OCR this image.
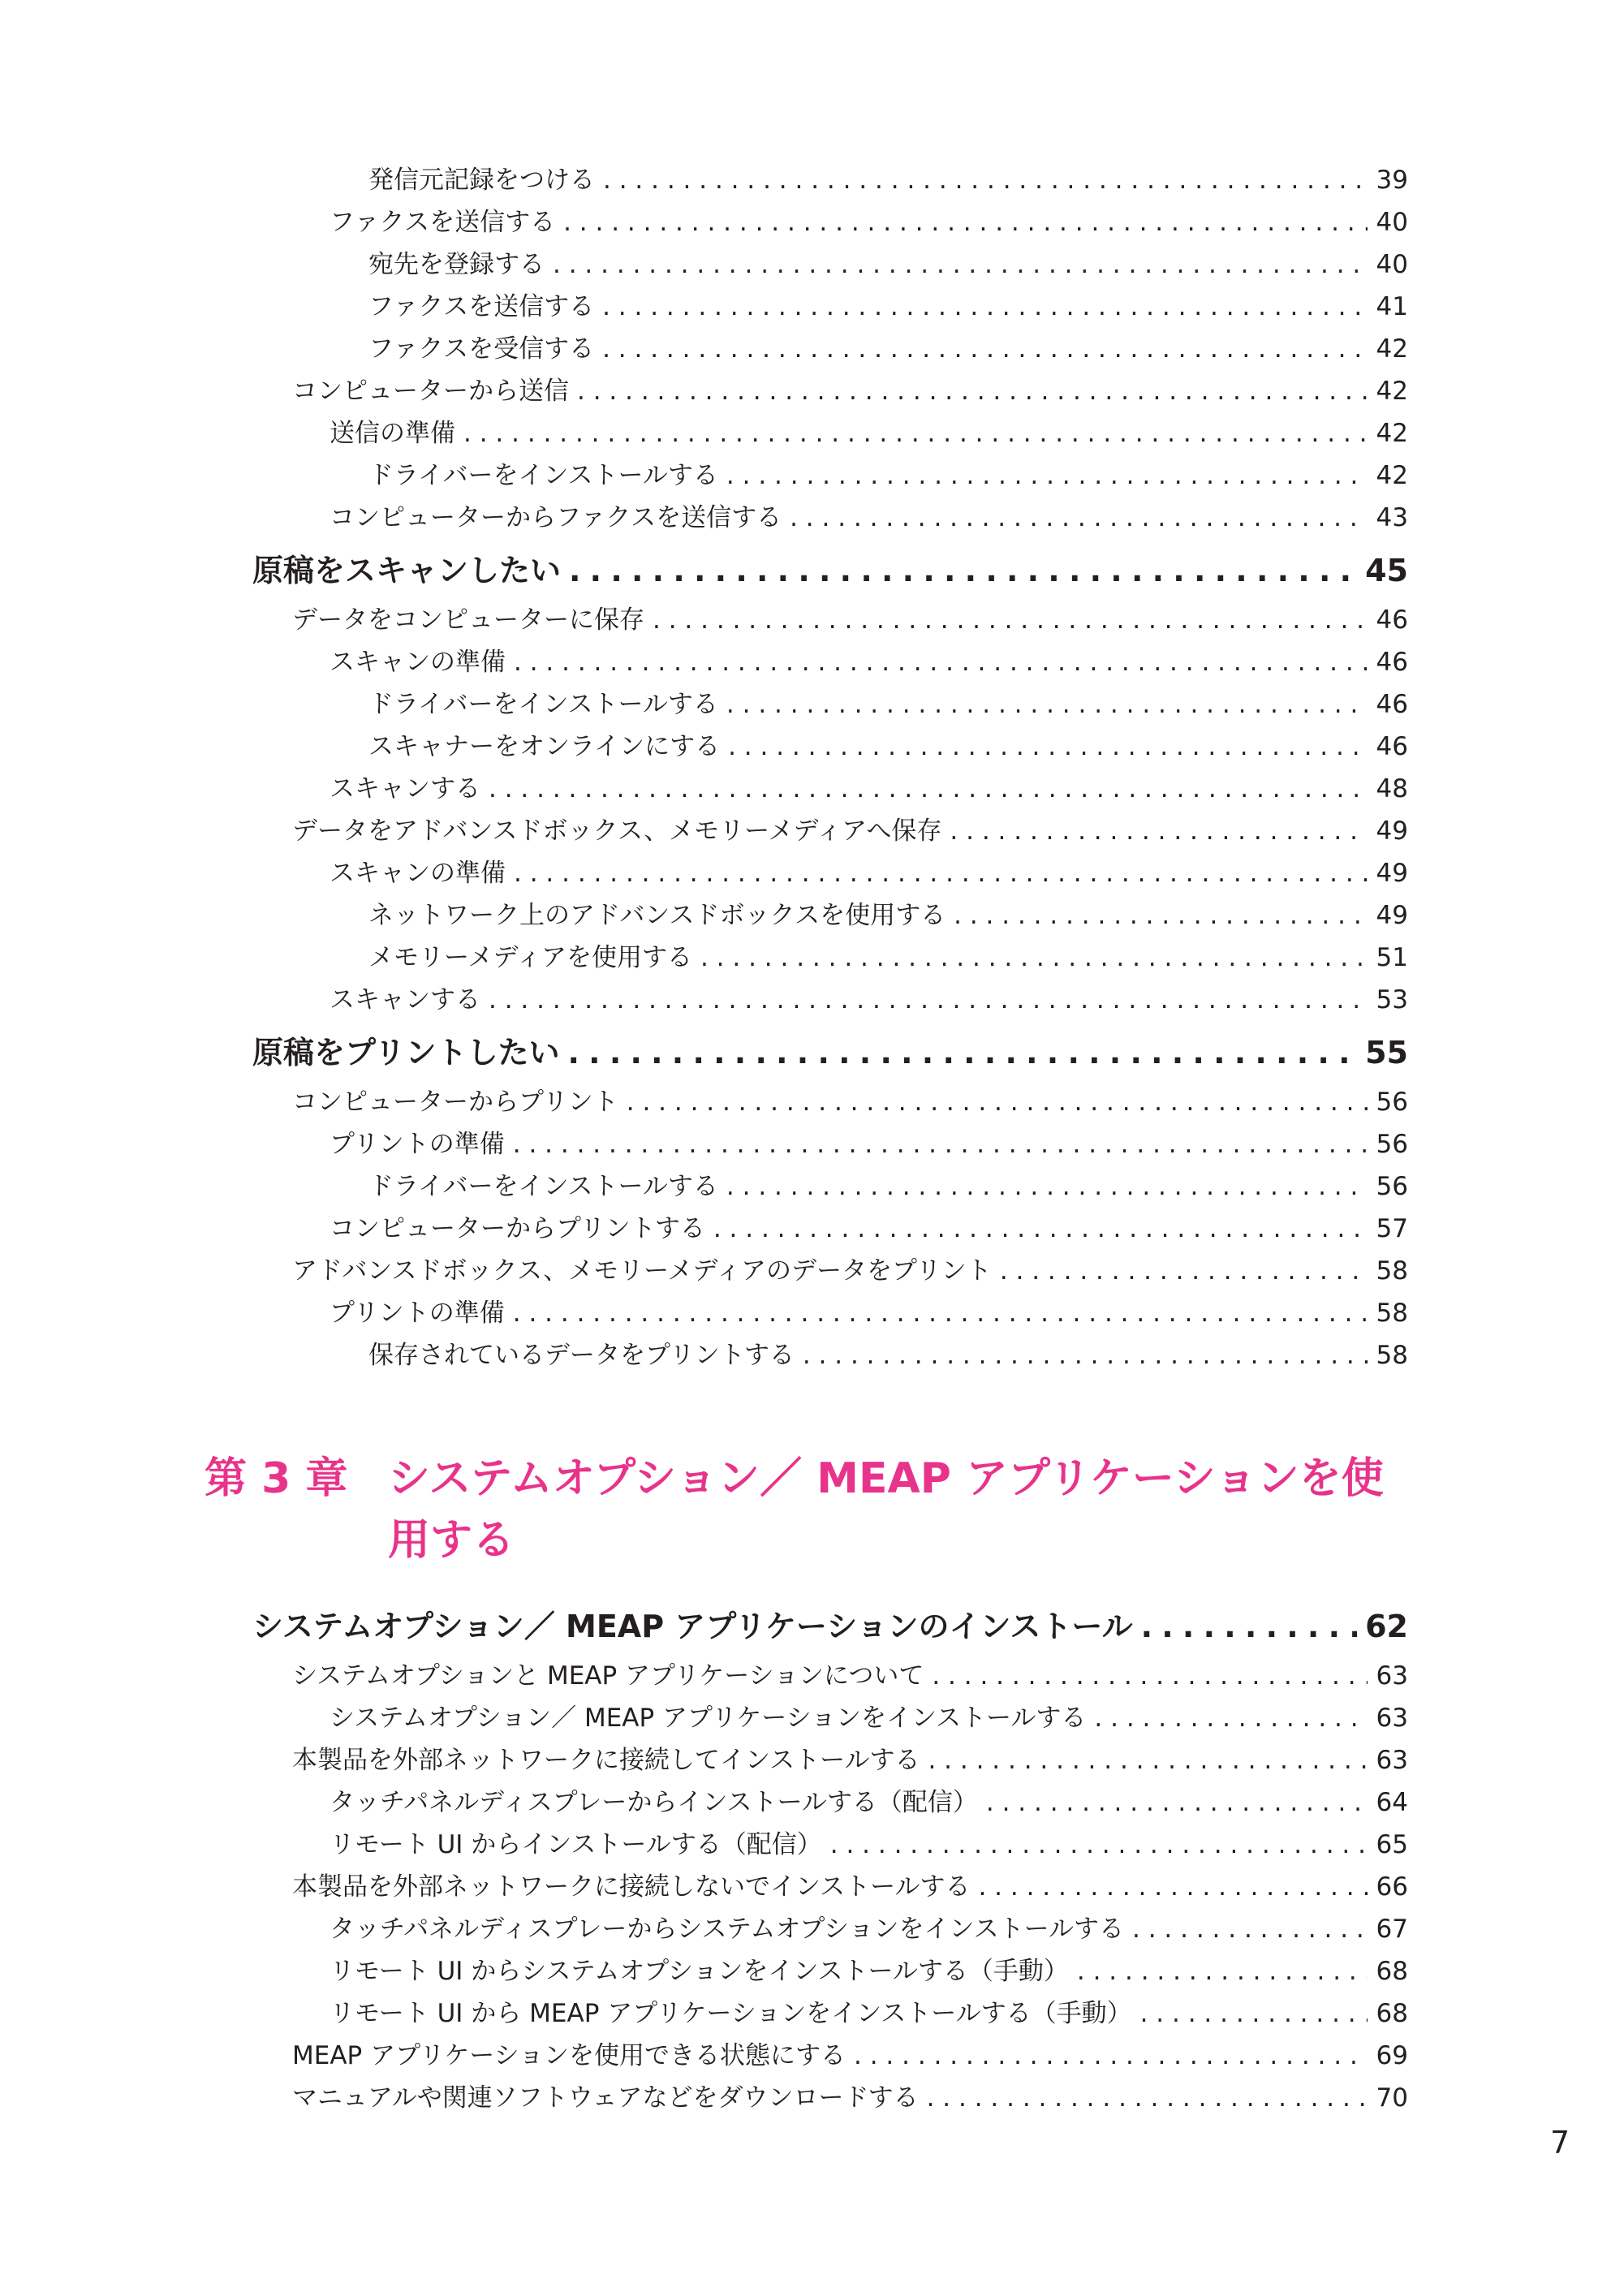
発信元記録をつける . . .	39
ファクスを送信する . . .	40
宛先を登録する . . .	40
ファクスを送信する . . .	41
ファクスを受信する . . .	42
コンピューターから送信 . . .	42
送信の準備 . . .	42
ドライバーをインストールする . . .	42
コンピューターからファクスを送信する . . .	43
原稿をスキャンしたい . . .	45
データをコンピューターに保存 . . .	46
スキャンの準備 . . .	46
ドライバーをインストールする . . .	46
スキャナーをオンラインにする . . .	46
スキャンする . . .	48
データをアドバンスドボックス、メモリーメディアへ保存 . . .	49
スキャンの準備 . . .	49
ネットワーク上のアドバンスドボックスを使用する . . .	49
メモリーメディアを使用する . . .	51
スキャンする . . .	53
原稿をプリントしたい . . .	55
コンピューターからプリント . . .	56
プリントの準備 . . .	56
ドライバーをインストールする . . .	56
コンピューターからプリントする . . .	57
アドバンスドボックス、メモリーメディアのデータをプリント . . .	58
プリントの準備 . . .	58
保存されているデータをプリントする . . .	58
第 3 章 システムオプション／ MEAP アプリケーションを使用する
システムオプション／ MEAP アプリケーションのインストール . . .	62
システムオプションと MEAP アプリケーションについて . . .	63
システムオプション／ MEAP アプリケーションをインストールする . . .	63
本製品を外部ネットワークに接続してインストールする . . .	63
タッチパネルディスプレーからインストールする（配信） . . .	64
リモート UI からインストールする（配信） . . .	65
本製品を外部ネットワークに接続しないでインストールする . . .	66
タッチパネルディスプレーからシステムオプションをインストールする . . .	67
リモート UI からシステムオプションをインストールする（手動） . . .	68
リモート UI から MEAP アプリケーションをインストールする（手動） . . .	68
MEAP アプリケーションを使用できる状態にする . . .	69
マニュアルや関連ソフトウェアなどをダウンロードする . . .	70
7
